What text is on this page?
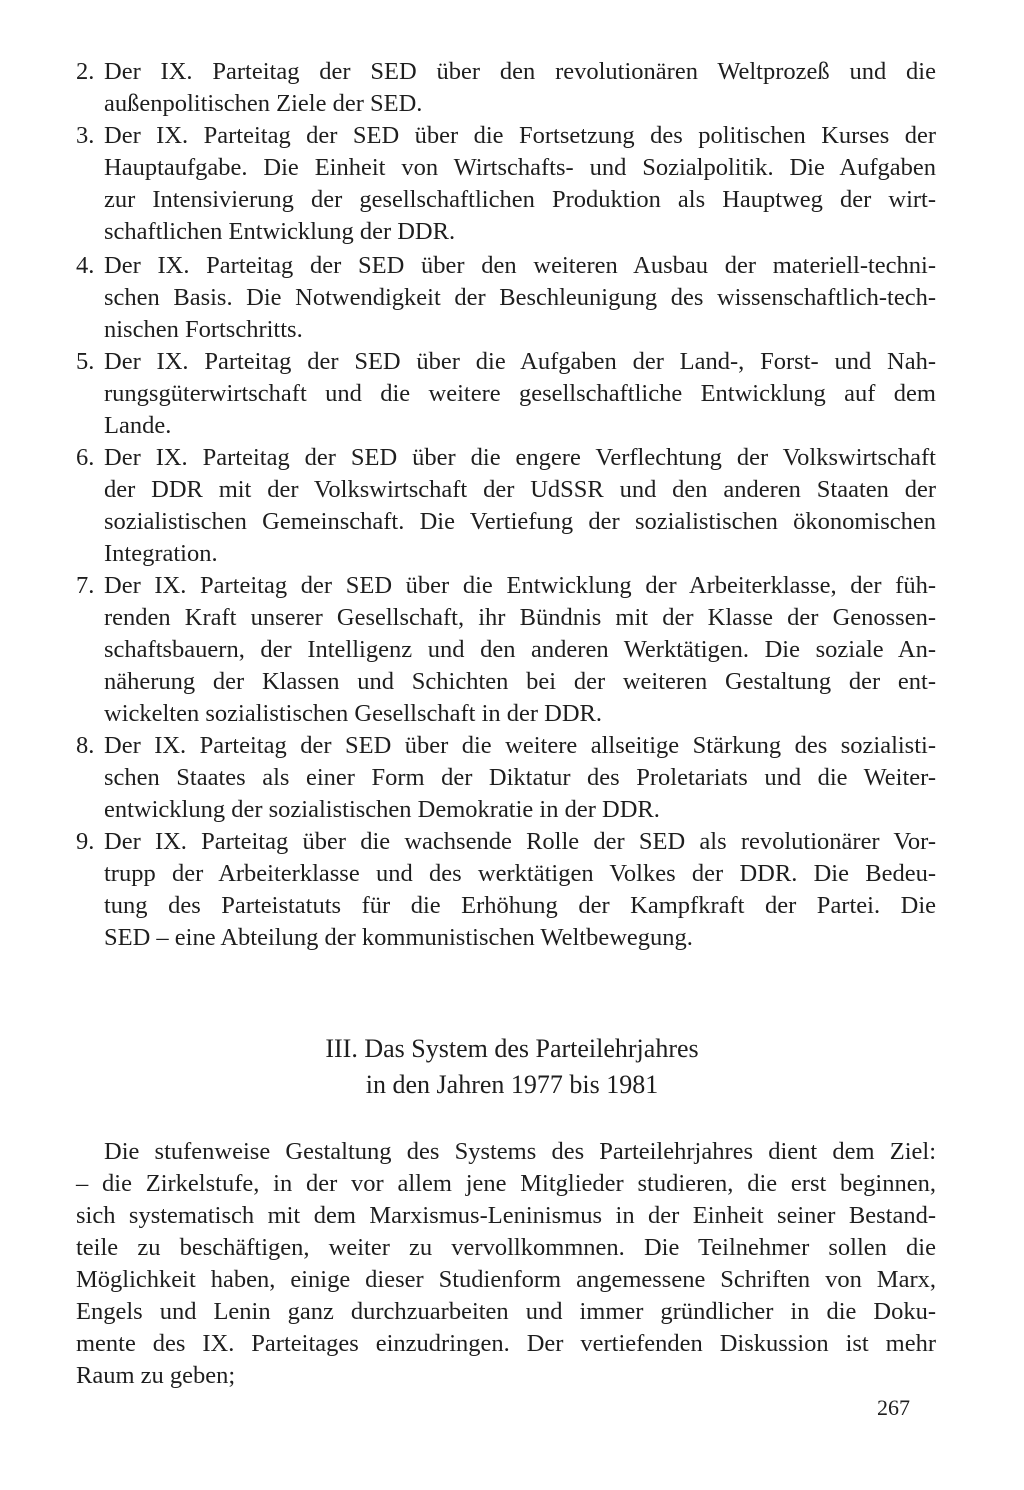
2. Der IX. Parteitag der SED über den revolutionären Weltprozeß und die
außenpolitischen Ziele der SED.
3. Der IX. Parteitag der SED über die Fortsetzung des politischen Kurses der
Hauptaufgabe. Die Einheit von Wirtschafts- und Sozialpolitik. Die Aufgaben
zur Intensivierung der gesellschaftlichen Produktion als Hauptweg der wirt-
schaftlichen Entwicklung der DDR.
4. Der IX. Parteitag der SED über den weiteren Ausbau der materiell-techni-
schen Basis. Die Notwendigkeit der Beschleunigung des wissenschaftlich-tech-
nischen Fortschritts.
5. Der IX. Parteitag der SED über die Aufgaben der Land-, Forst- und Nah-
rungsgüterwirtschaft und die weitere gesellschaftliche Entwicklung auf dem
Lande.
6. Der IX. Parteitag der SED über die engere Verflechtung der Volkswirtschaft
der DDR mit der Volkswirtschaft der UdSSR und den anderen Staaten der
sozialistischen Gemeinschaft. Die Vertiefung der sozialistischen ökonomischen
Integration.
7. Der IX. Parteitag der SED über die Entwicklung der Arbeiterklasse, der füh-
renden Kraft unserer Gesellschaft, ihr Bündnis mit der Klasse der Genossen-
schaftsbauern, der Intelligenz und den anderen Werktätigen. Die soziale An-
näherung der Klassen und Schichten bei der weiteren Gestaltung der ent-
wickelten sozialistischen Gesellschaft in der DDR.
8. Der IX. Parteitag der SED über die weitere allseitige Stärkung des sozialisti-
schen Staates als einer Form der Diktatur des Proletariats und die Weiter-
entwicklung der sozialistischen Demokratie in der DDR.
9. Der IX. Parteitag über die wachsende Rolle der SED als revolutionärer Vor-
trupp der Arbeiterklasse und des werktätigen Volkes der DDR. Die Bedeu-
tung des Parteistatuts für die Erhöhung der Kampfkraft der Partei. Die
SED – eine Abteilung der kommunistischen Weltbewegung.
III. Das System des Parteilehrjahres
in den Jahren 1977 bis 1981
Die stufenweise Gestaltung des Systems des Parteilehrjahres dient dem Ziel:
– die Zirkelstufe, in der vor allem jene Mitglieder studieren, die erst beginnen,
sich systematisch mit dem Marxismus-Leninismus in der Einheit seiner Bestand-
teile zu beschäftigen, weiter zu vervollkommnen. Die Teilnehmer sollen die
Möglichkeit haben, einige dieser Studienform angemessene Schriften von Marx,
Engels und Lenin ganz durchzuarbeiten und immer gründlicher in die Doku-
mente des IX. Parteitages einzudringen. Der vertiefenden Diskussion ist mehr
Raum zu geben;
267
